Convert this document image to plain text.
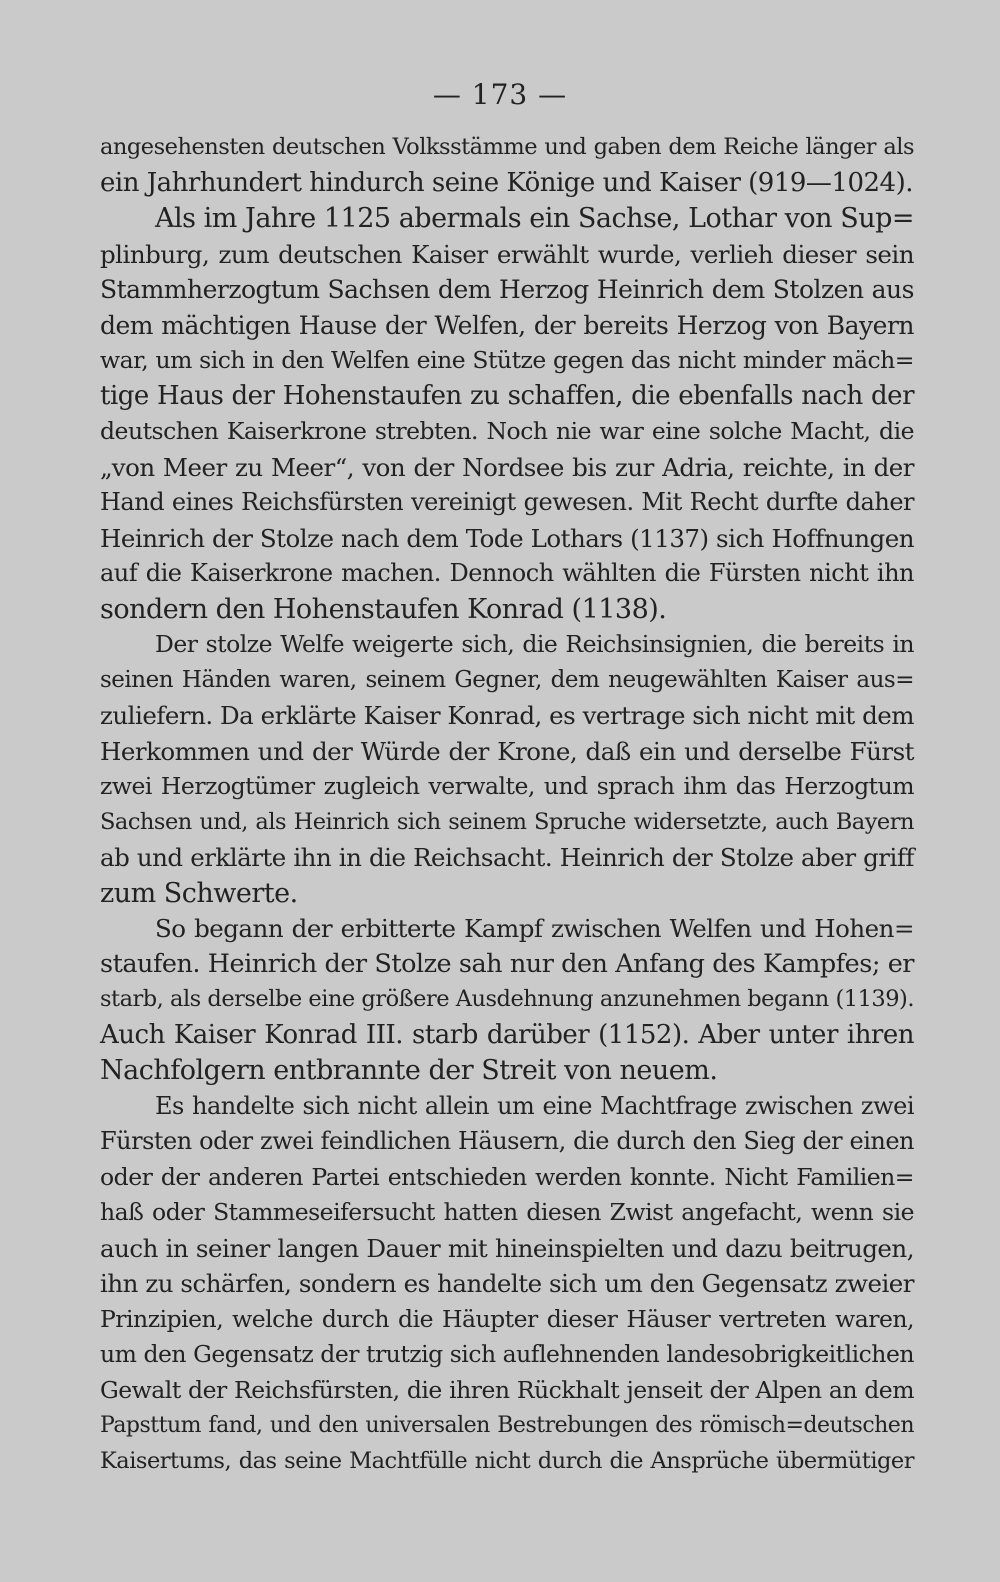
— 173 —
angesehensten deutschen Volksstämme und gaben dem Reiche länger als
ein Jahrhundert hindurch seine Könige und Kaiser (919—1024).
Als im Jahre 1125 abermals ein Sachse, Lothar von Sup=
plinburg, zum deutschen Kaiser erwählt wurde, verlieh dieser sein
Stammherzogtum Sachsen dem Herzog Heinrich dem Stolzen aus
dem mächtigen Hause der Welfen, der bereits Herzog von Bayern
war, um sich in den Welfen eine Stütze gegen das nicht minder mäch=
tige Haus der Hohenstaufen zu schaffen, die ebenfalls nach der
deutschen Kaiserkrone strebten. Noch nie war eine solche Macht, die
„von Meer zu Meer“, von der Nordsee bis zur Adria, reichte, in der
Hand eines Reichsfürsten vereinigt gewesen. Mit Recht durfte daher
Heinrich der Stolze nach dem Tode Lothars (1137) sich Hoffnungen
auf die Kaiserkrone machen. Dennoch wählten die Fürsten nicht ihn
sondern den Hohenstaufen Konrad (1138).
Der stolze Welfe weigerte sich, die Reichsinsignien, die bereits in
seinen Händen waren, seinem Gegner, dem neugewählten Kaiser aus=
zuliefern. Da erklärte Kaiser Konrad, es vertrage sich nicht mit dem
Herkommen und der Würde der Krone, daß ein und derselbe Fürst
zwei Herzogtümer zugleich verwalte, und sprach ihm das Herzogtum
Sachsen und, als Heinrich sich seinem Spruche widersetzte, auch Bayern
ab und erklärte ihn in die Reichsacht. Heinrich der Stolze aber griff
zum Schwerte.
So begann der erbitterte Kampf zwischen Welfen und Hohen=
staufen. Heinrich der Stolze sah nur den Anfang des Kampfes; er
starb, als derselbe eine größere Ausdehnung anzunehmen begann (1139).
Auch Kaiser Konrad III. starb darüber (1152). Aber unter ihren
Nachfolgern entbrannte der Streit von neuem.
Es handelte sich nicht allein um eine Machtfrage zwischen zwei
Fürsten oder zwei feindlichen Häusern, die durch den Sieg der einen
oder der anderen Partei entschieden werden konnte. Nicht Familien=
haß oder Stammeseifersucht hatten diesen Zwist angefacht, wenn sie
auch in seiner langen Dauer mit hineinspielten und dazu beitrugen,
ihn zu schärfen, sondern es handelte sich um den Gegensatz zweier
Prinzipien, welche durch die Häupter dieser Häuser vertreten waren,
um den Gegensatz der trutzig sich auflehnenden landesobrigkeitlichen
Gewalt der Reichsfürsten, die ihren Rückhalt jenseit der Alpen an dem
Papsttum fand, und den universalen Bestrebungen des römisch=deutschen
Kaisertums, das seine Machtfülle nicht durch die Ansprüche übermütiger
